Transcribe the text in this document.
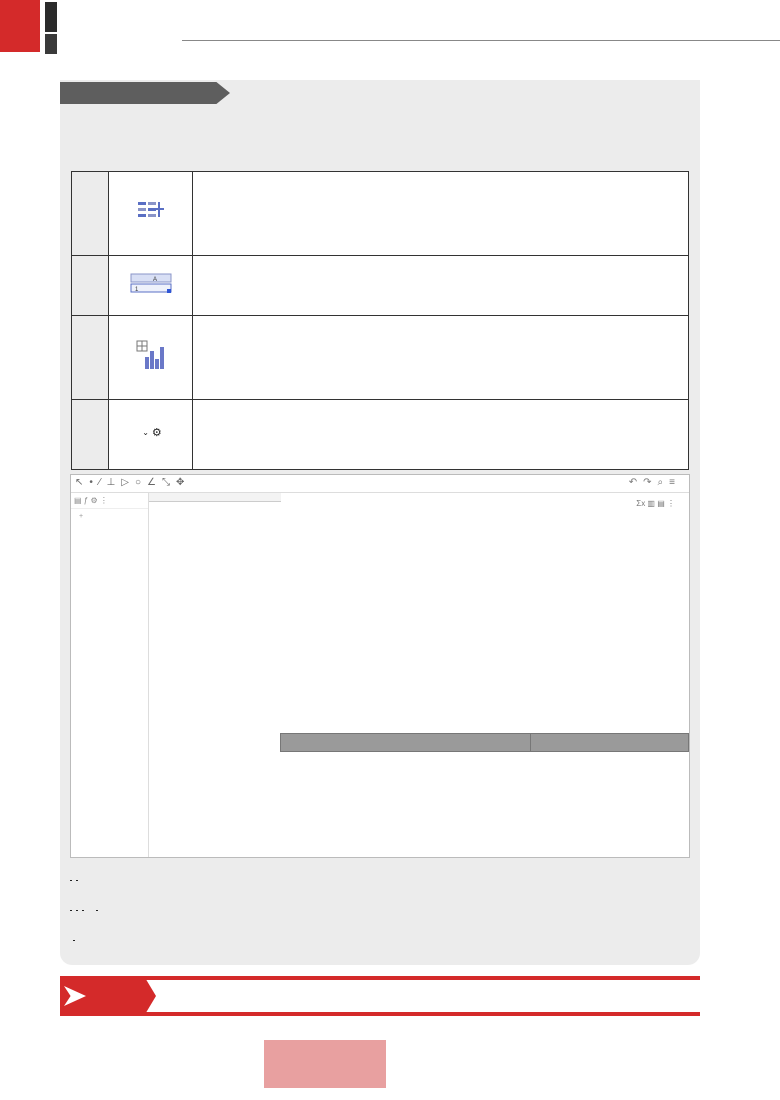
1
A	

	⌄ ⚙	

↖•∕⊥▷○∠⤡✥
▤ ƒ ⚙ ⋮
+
↶↷⌕≡
Σx ▥ ▤ ⋮
